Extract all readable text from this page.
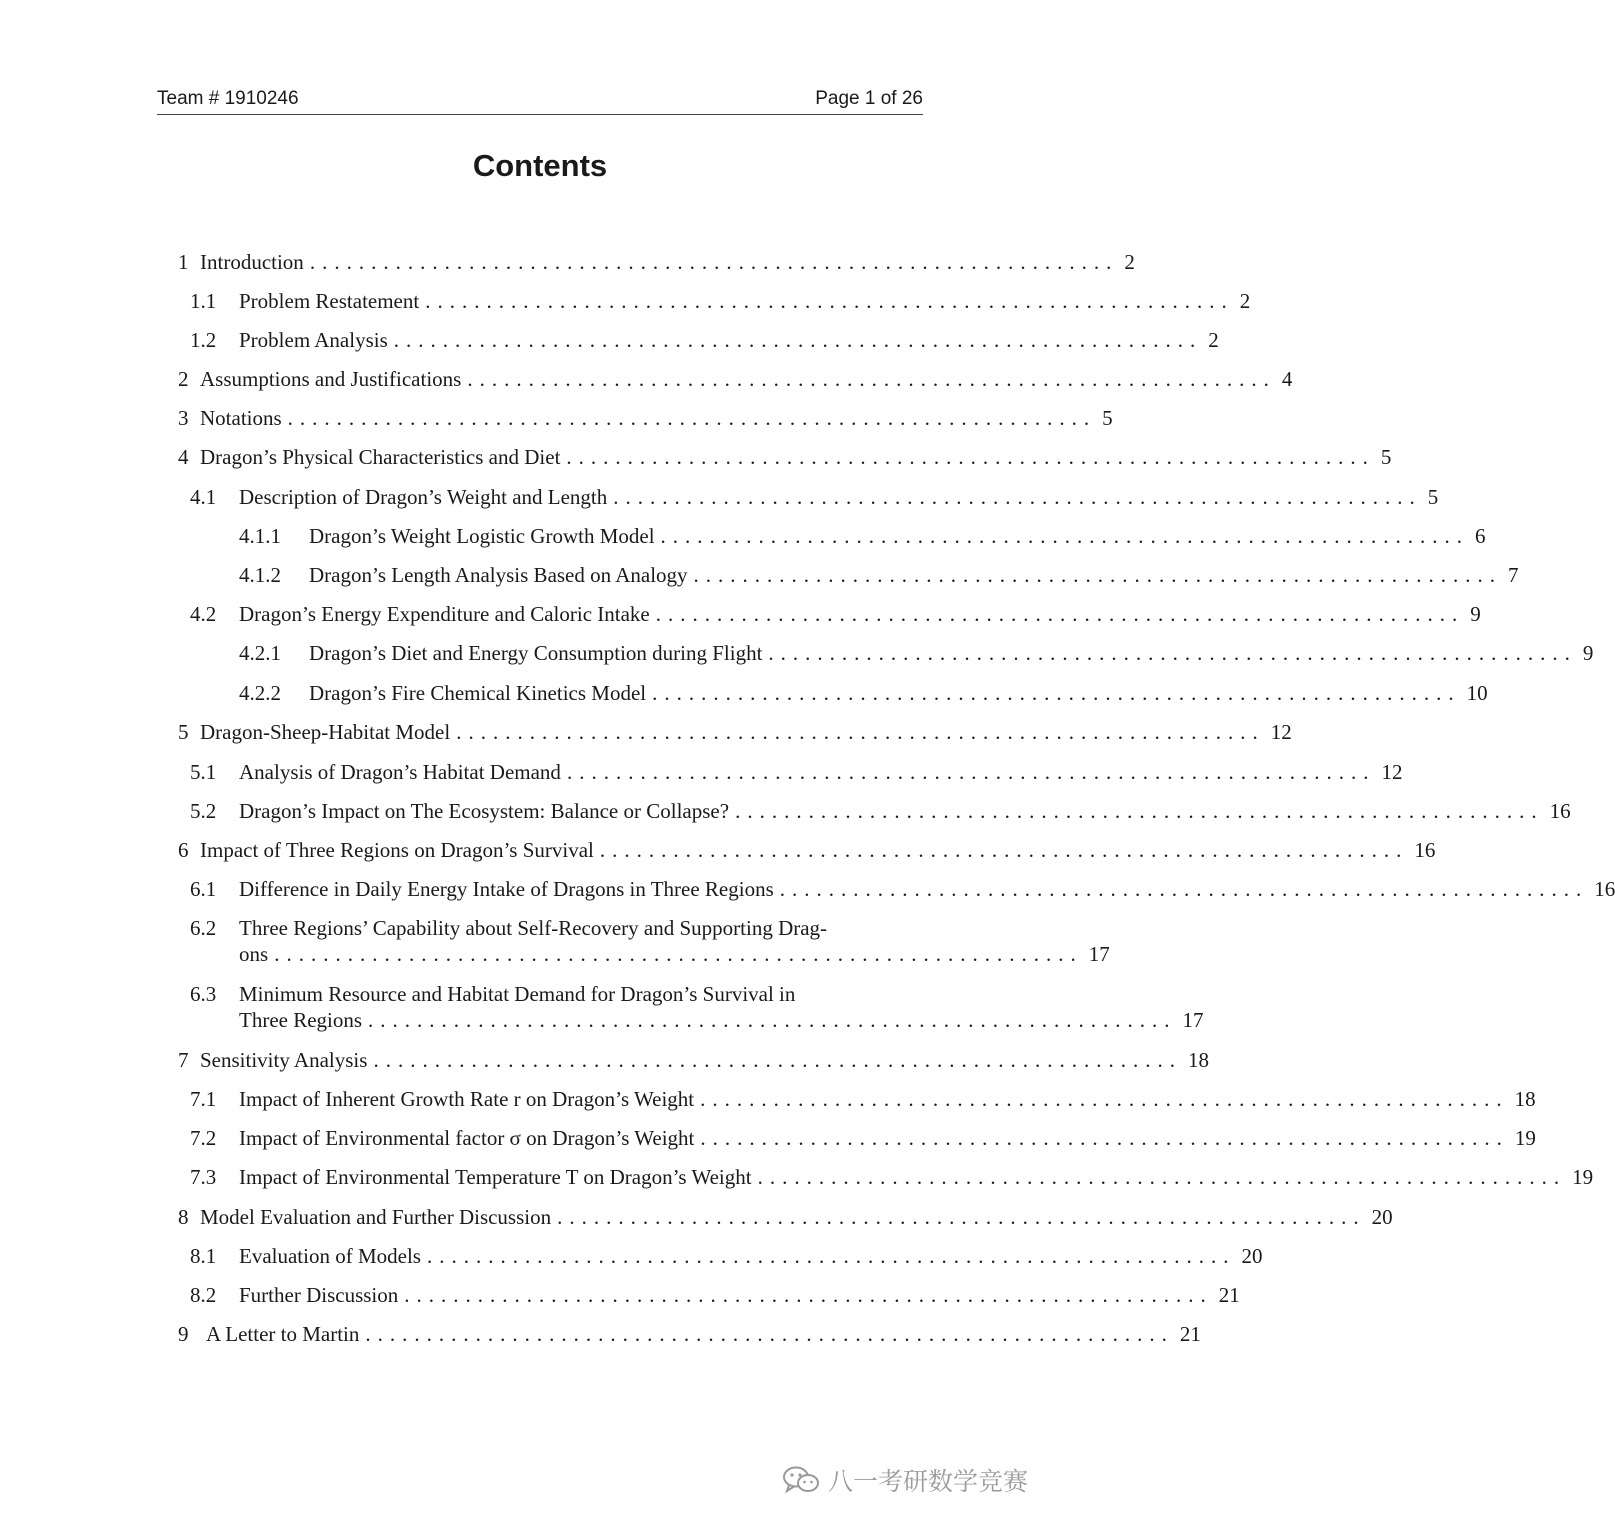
Team # 1910246	Page 1 of 26
Contents
1 Introduction .................................................................. 2
1.1 Problem Restatement .................................................................. 2
1.2 Problem Analysis .................................................................. 2
2 Assumptions and Justifications .................................................................. 4
3 Notations .................................................................. 5
4 Dragon’s Physical Characteristics and Diet .................................................................. 5
4.1 Description of Dragon’s Weight and Length .................................................................. 5
4.1.1 Dragon’s Weight Logistic Growth Model .................................................................. 6
4.1.2 Dragon’s Length Analysis Based on Analogy .................................................................. 7
4.2 Dragon’s Energy Expenditure and Caloric Intake .................................................................. 9
4.2.1 Dragon’s Diet and Energy Consumption during Flight .................................................................. 9
4.2.2 Dragon’s Fire Chemical Kinetics Model .................................................................. 10
5 Dragon-Sheep-Habitat Model .................................................................. 12
5.1 Analysis of Dragon’s Habitat Demand .................................................................. 12
5.2 Dragon’s Impact on The Ecosystem: Balance or Collapse? .................................................................. 16
6 Impact of Three Regions on Dragon’s Survival .................................................................. 16
6.1 Difference in Daily Energy Intake of Dragons in Three Regions .................................................................. 16
6.2 Three Regions’ Capability about Self-Recovery and Supporting Drag-
ons .................................................................. 17
6.3 Minimum Resource and Habitat Demand for Dragon’s Survival in
Three Regions .................................................................. 17
7 Sensitivity Analysis .................................................................. 18
7.1 Impact of Inherent Growth Rate r on Dragon’s Weight .................................................................. 18
7.2 Impact of Environmental factor σ on Dragon’s Weight .................................................................. 19
7.3 Impact of Environmental Temperature T on Dragon’s Weight .................................................................. 19
8 Model Evaluation and Further Discussion .................................................................. 20
8.1 Evaluation of Models .................................................................. 20
8.2 Further Discussion .................................................................. 21
9 A Letter to Martin .................................................................. 21
八一考研数学竞赛
